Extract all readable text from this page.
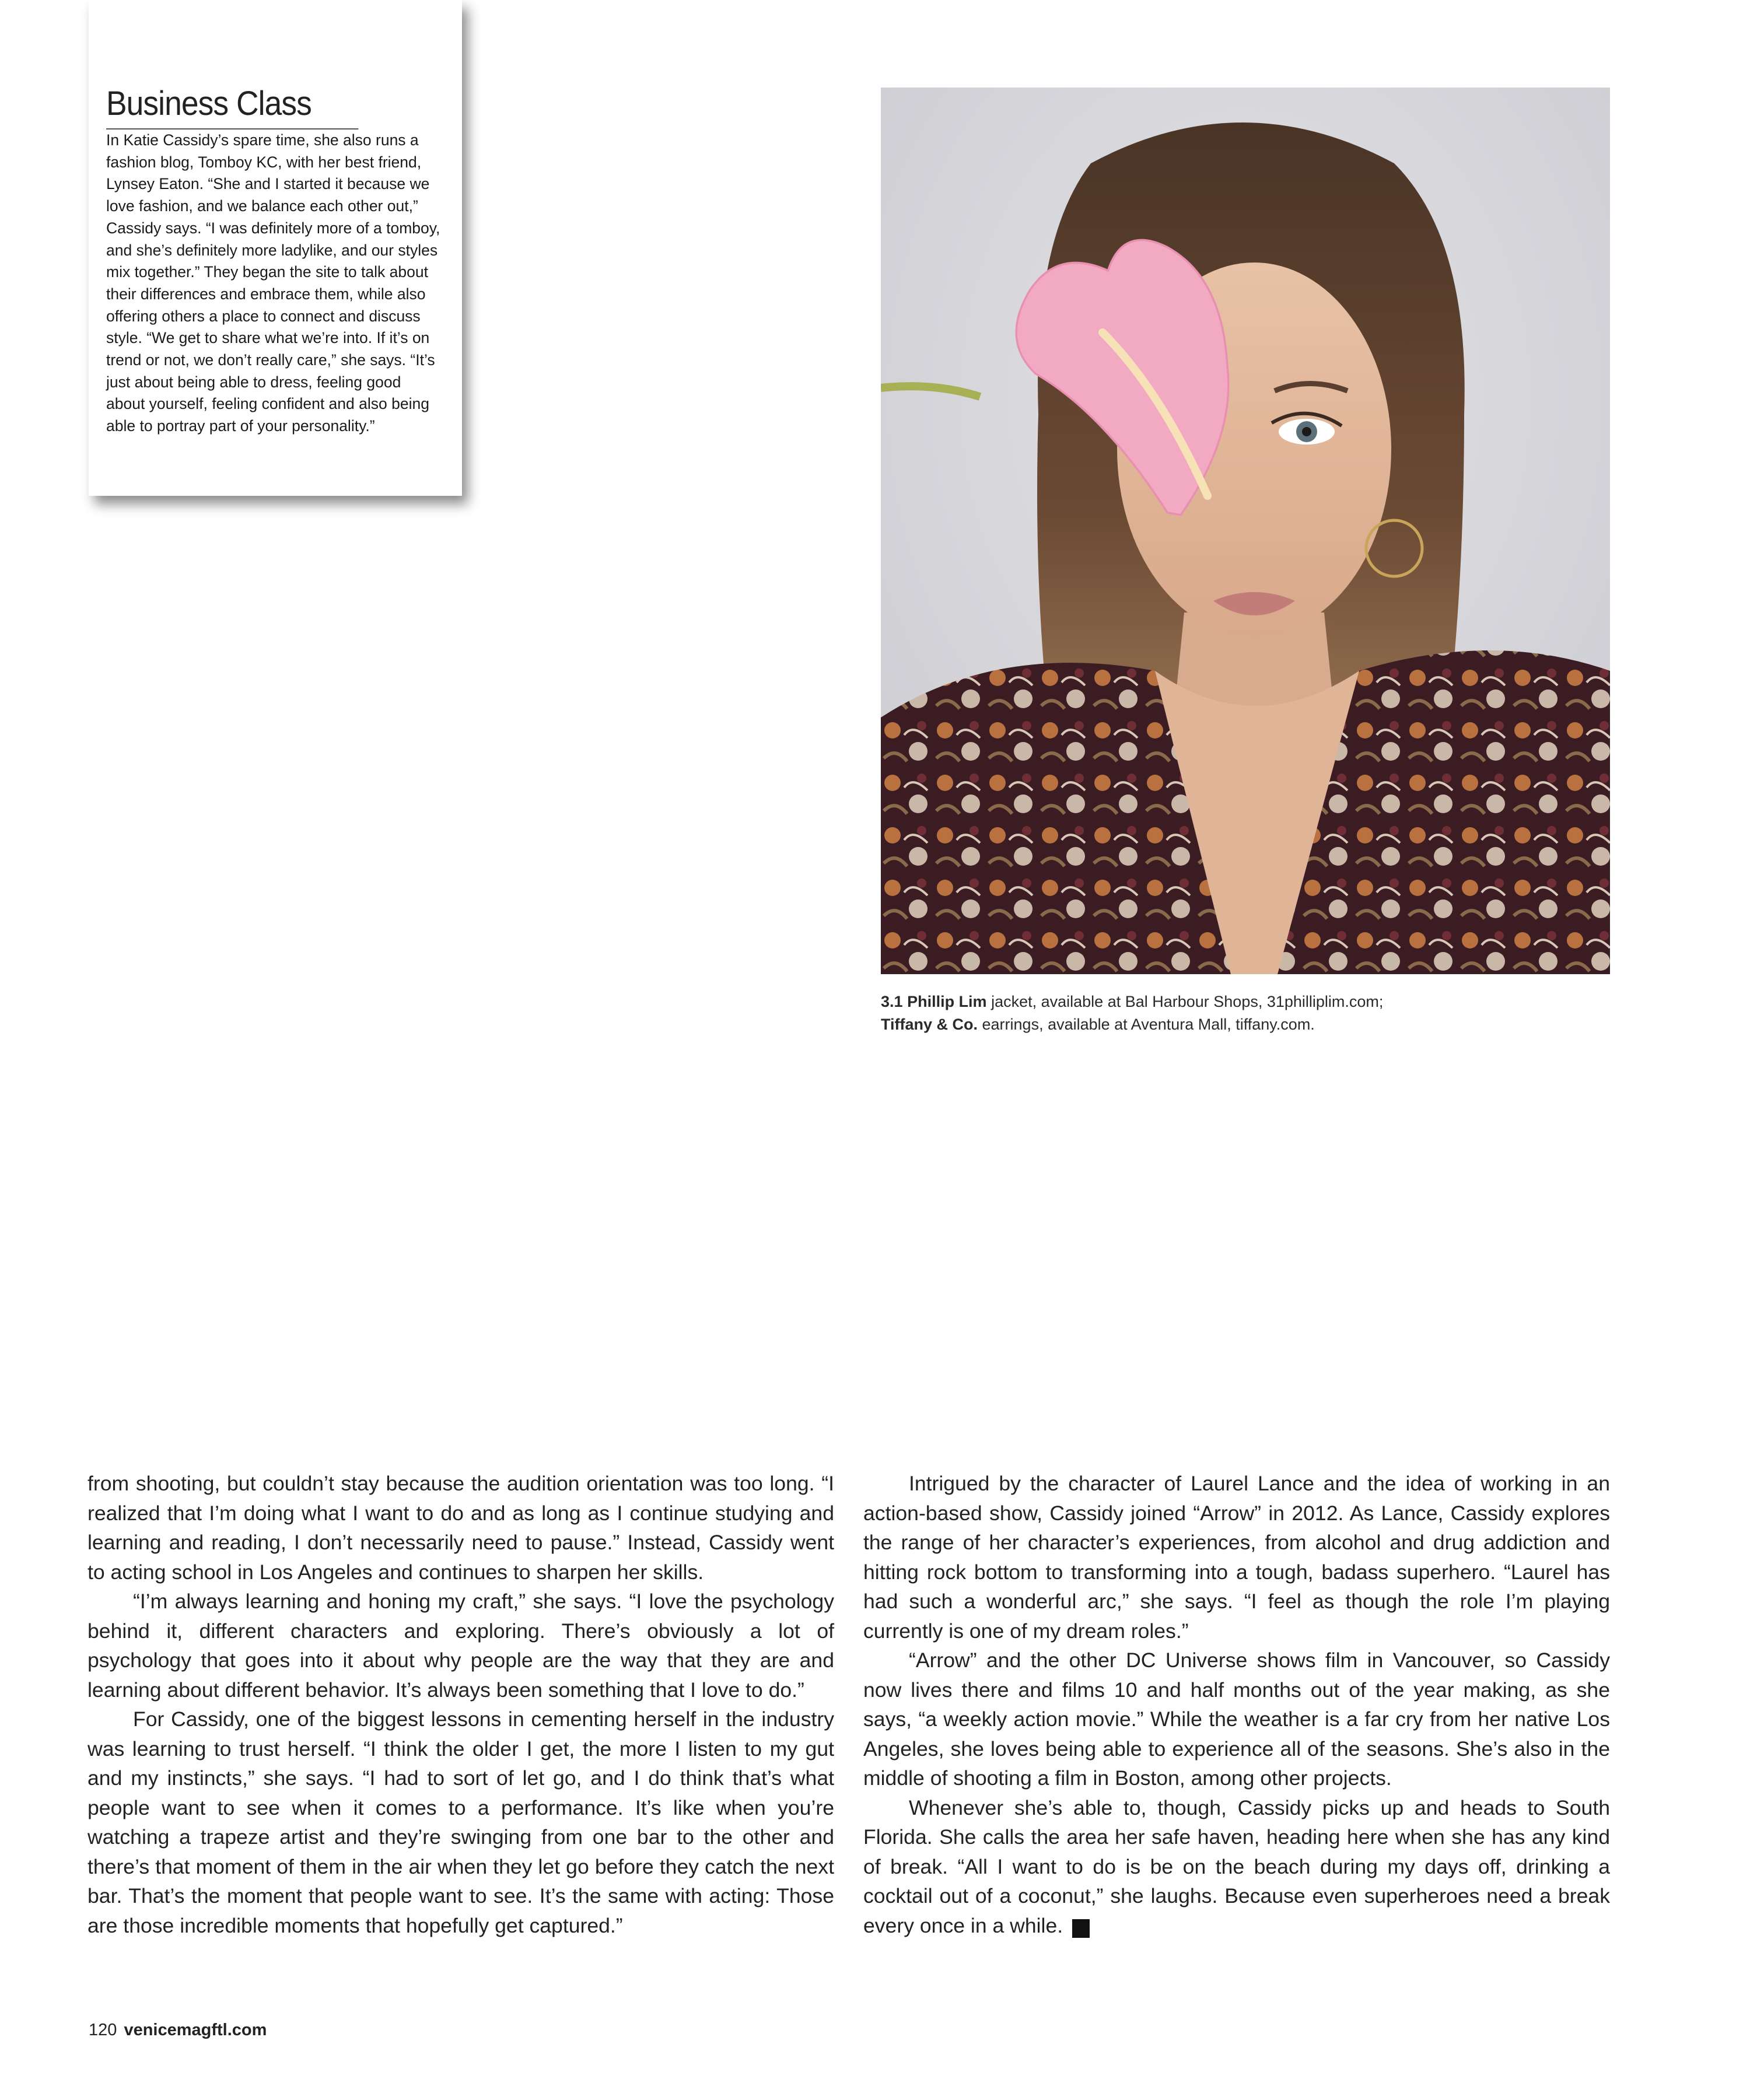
Business Class
In Katie Cassidy’s spare time, she also runs a fashion blog, Tomboy KC, with her best friend, Lynsey Eaton. “She and I started it because we love fashion, and we balance each other out,” Cassidy says. “I was definitely more of a tomboy, and she’s definitely more ladylike, and our styles mix together.” They began the site to talk about their differences and embrace them, while also offering others a place to connect and discuss style. “We get to share what we’re into. If it’s on trend or not, we don’t really care,” she says. “It’s just about being able to dress, feeling good about yourself, feeling confident and also being able to portray part of your personality.”
3.1 Phillip Lim jacket, available at Bal Harbour Shops, 31philliplim.com;
Tiffany & Co. earrings, available at Aventura Mall, tiffany.com.

from shooting, but couldn’t stay because the audition orientation was too long. “I realized that I’m doing what I want to do and as long as I continue studying and learning and reading, I don’t necessarily need to pause.” Instead, Cassidy went to acting school in Los Angeles and continues to sharpen her skills.

“I’m always learning and honing my craft,” she says. “I love the psychology behind it, different characters and exploring. There’s obviously a lot of psychology that goes into it about why people are the way that they are and learning about different behavior. It’s always been something that I love to do.”

For Cassidy, one of the biggest lessons in cementing herself in the industry was learning to trust herself. “I think the older I get, the more I listen to my gut and my instincts,” she says. “I had to sort of let go, and I do think that’s what people want to see when it comes to a performance. It’s like when you’re watching a trapeze artist and they’re swinging from one bar to the other and there’s that moment of them in the air when they let go before they catch the next bar. That’s the moment that people want to see. It’s the same with acting: Those are those incredible moments that hopefully get captured.”

Intrigued by the character of Laurel Lance and the idea of working in an action-based show, Cassidy joined “Arrow” in 2012. As Lance, Cassidy explores the range of her character’s experiences, from alcohol and drug addiction and hitting rock bottom to transforming into a tough, badass superhero. “Laurel has had such a wonderful arc,” she says. “I feel as though the role I’m playing currently is one of my dream roles.”

“Arrow” and the other DC Universe shows film in Vancouver, so Cassidy now lives there and films 10 and half months out of the year making, as she says, “a weekly action movie.” While the weather is a far cry from her native Los Angeles, she loves being able to experience all of the seasons. She’s also in the middle of shooting a film in Boston, among other projects.

Whenever she’s able to, though, Cassidy picks up and heads to South Florida. She calls the area her safe haven, heading here when she has any kind of break. “All I want to do is be on the beach during my days off, drinking a cocktail out of a coconut,” she laughs. Because even superheroes need a break every once in a while.	V

120 venicemagftl.com
